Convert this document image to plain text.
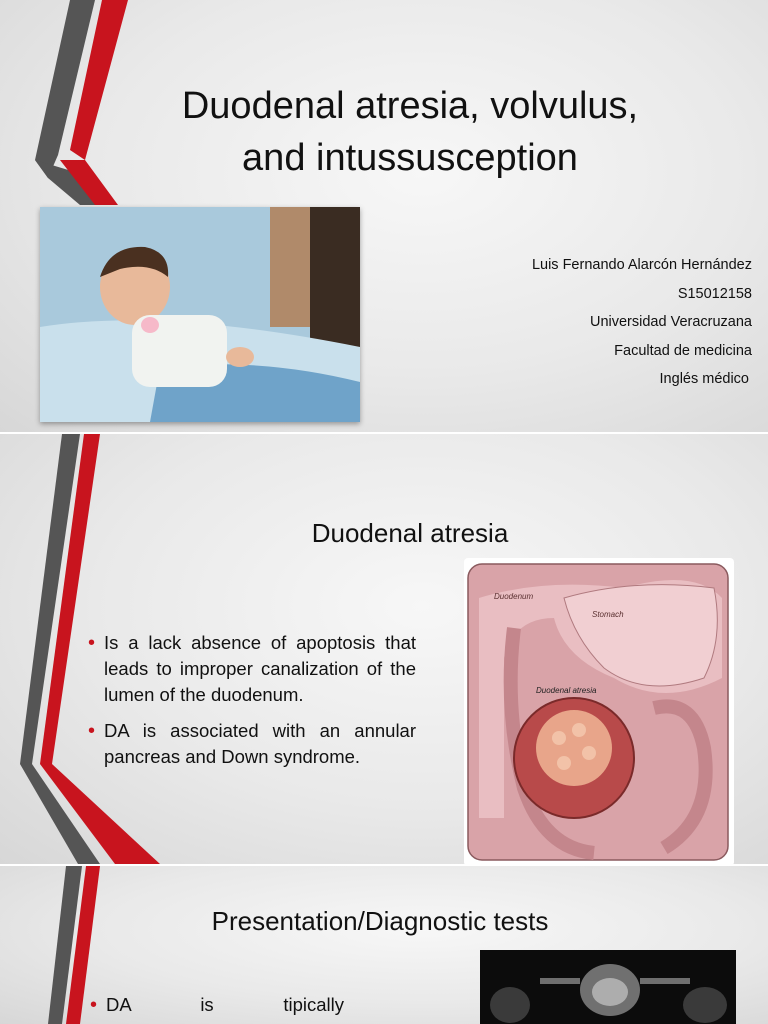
Duodenal atresia, volvulus,
and intussusception
Luis Fernando Alarcón Hernández
S15012158
Universidad Veracruzana
Facultad de medicina
Inglés médico
Duodenal atresia
• Is a lack absence of apoptosis that leads to improper canalization of the lumen of the duodenum.
• DA is associated with an annular pancreas and Down syndrome.
Duodenum
Stomach
Duodenal atresia
Presentation/Diagnostic tests
• DA is tipically
